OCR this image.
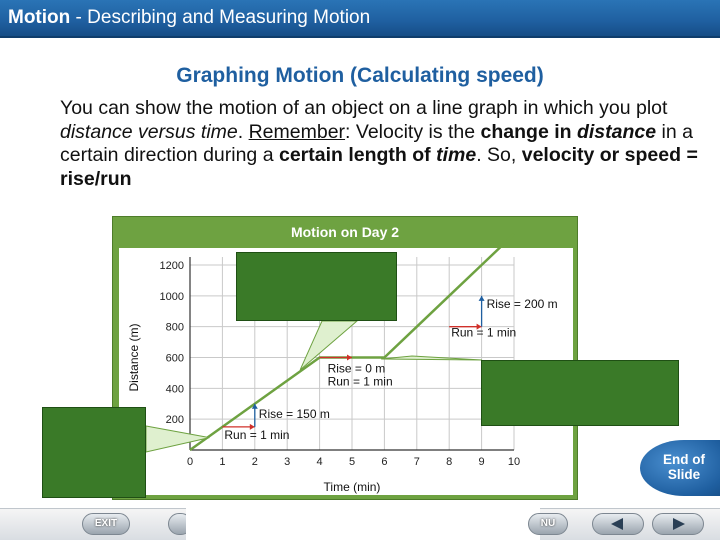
Motion - Describing and Measuring Motion
Graphing Motion (Calculating speed)
You can show the motion of an object on a line graph in which you plot distance versus time. Remember: Velocity is the change in distance in a certain direction during a certain length of time. So, velocity or speed = rise/run
Motion on Day 2
0 1 2 3 4 5 6 7 8 9 10
200
400
600
800
1000
1200
Time (min)
Distance (m)
Rise = 150 m
Run = 1 min
Rise = 0 m
Run = 1 min
Rise = 200 m
Run = 1 min
End of
Slide
EXIT	NU
